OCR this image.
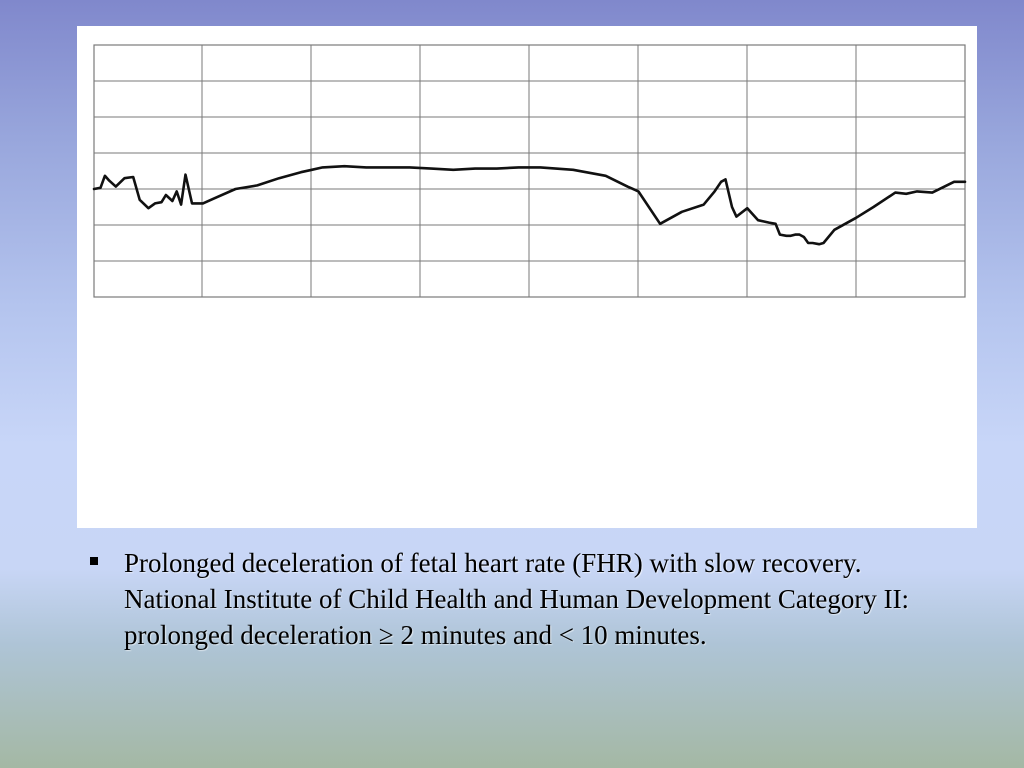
Prolonged deceleration of fetal heart rate (FHR) with slow recovery. National Institute of Child Health and Human Development Category II: prolonged deceleration ≥ 2 minutes and < 10 minutes.
